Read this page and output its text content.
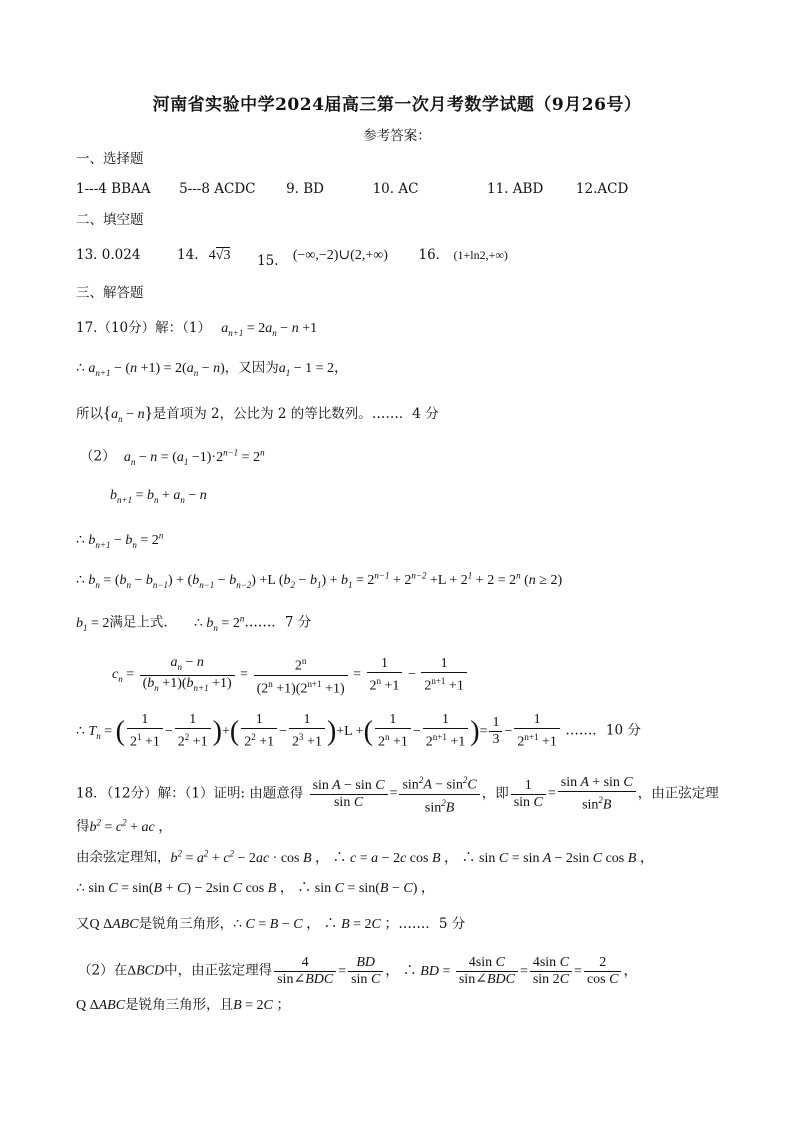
河南省实验中学2024届高三第一次月考数学试题（9月26号）
参考答案：
一、选择题
1---4 BBAA 5---8 ACDC 9. BD	10. AC	11. ABD 12.ACD
二、填空题
13. 0.024	14. 4√3 15. (−∞,−2)∪(2,+∞) 16． (1+ln2,+∞)
三、解答题
17.（10分）解：（1） $a_{n+1} = 2a_n - n +1$
∴ $a_{n+1} - (n +1) = 2(a_n - n)$，又因为$a_1 - 1 = 2$，
所以$\{a_n - n\}$是首项为 2，公比为 2 的等比数列。……．4 分
（2） $a_n - n = (a_1 -1)\cdot 2^{n-1} = 2^n$
$b_{n+1} = b_n + a_n - n$
∴ $b_{n+1} - b_n = 2^n$
∴ $b_n = (b_n - b_{n-1}) + (b_{n-1} - b_{n-2}) +L$ $(b_2 - b_1) + b_1 = 2^{n-1} + 2^{n-2} +L + 2^1 + 2 = 2^n$ (n ≥ 2)
$b_1 = 2$满足上式. ∴ $b_n$ = $2^n\dots\dots$．7 分
$c_n = \frac{a_n - n}{(b_n +1)(b_{n+1} +1)} = \frac{2^n}{(2^n +1)(2^{n+1} +1)} = \frac{1}{2^n +1} - \frac{1}{2^{n+1} +1}$
∴ $T_n$ = ( $\frac{1}{2^1 +1} - \frac{1}{2^2 +1}$ )+( $\frac{1}{2^2 +1} - \frac{1}{2^3 +1} )+L$ +( $\frac{1}{2^n +1} - \frac{1}{2^{n+1} +1}$ )= $\frac{1}{3} - \frac{1}{2^{n+1} +1}$ ……．10 分
18．（12分）解：（1）证明: 由题意得 $\frac{\text{sin A − sin C}}{\text{sin C}} = \frac{\sin^2A - \sin^2C}{\sin^2B}$ ，即 $\frac{1}{\text{sin C}} = \frac{\text{sin A + sin C}}{\sin^2B}$ ，由正弦定理
得$b^2 = c^2$ + ac ，
由余弦定理知，$b^2 = a^2 + c^2 - 2ac \cdot \cos B$ ， ∴ c = a − 2c cos B ， ∴ sin C = sin A − 2sin C cos B ，
∴ sin C = sin(B + C) − 2sin C cos B ， ∴ sin C = sin(B − C) ，
又Q ΔABC是锐角三角形，∴ C = B − C ， ∴ B = 2C ；……．5 分
（2）在ΔBCD中，由正弦定理得 $\frac{4}{\text{sin∠BDC}} = \frac{BD}{\text{sin C}}$ ， ∴ BD = $\frac{\text{4sin C}}{\text{sin∠BDC}} = \frac{\text{4sin C}}{\sin 2C} = \frac{2}{\text{cos C}}$ ，
Q ΔABC是锐角三角形，且B = 2C ；
